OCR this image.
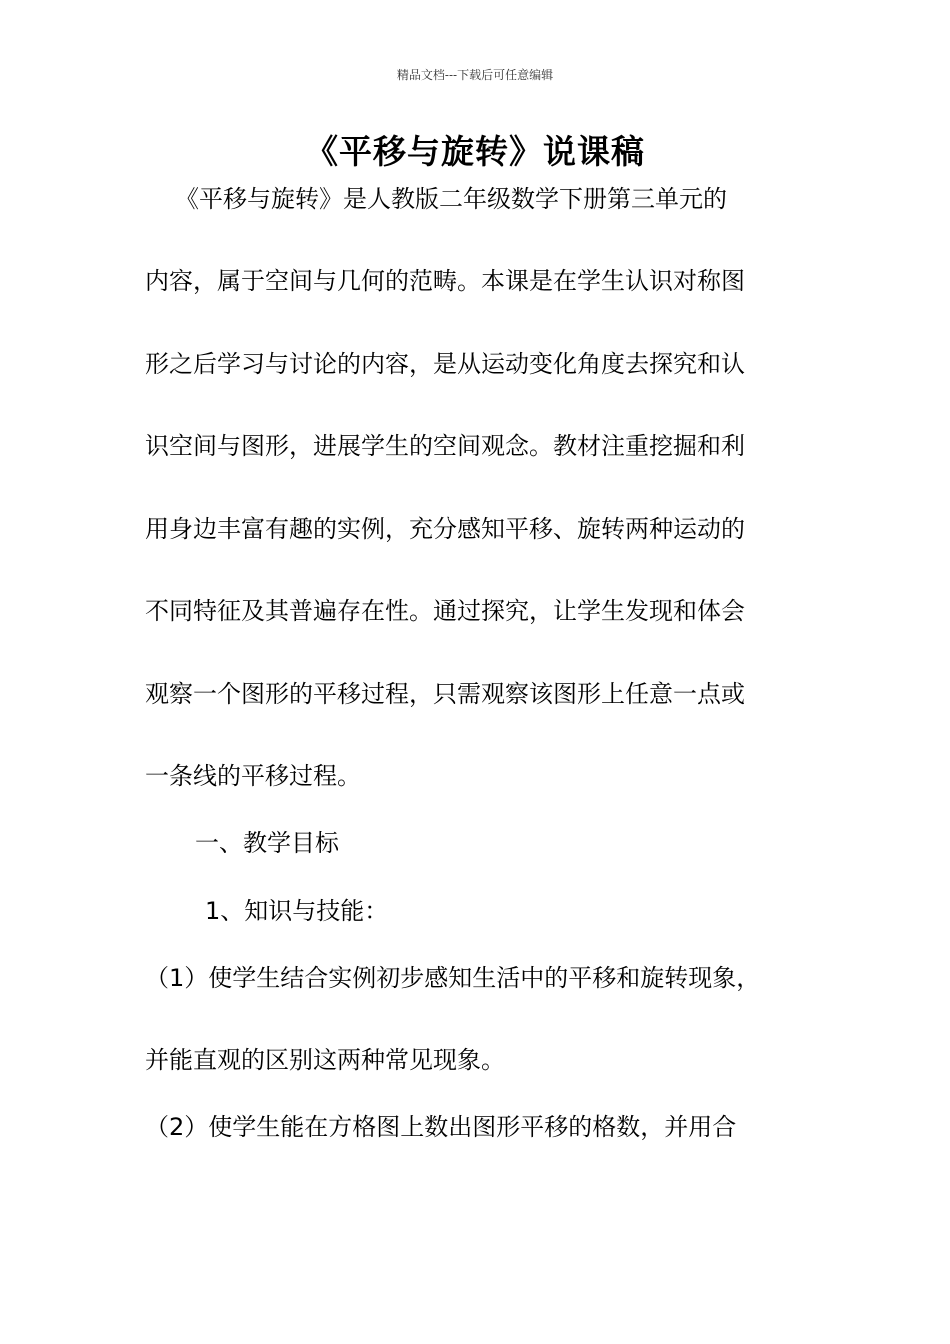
精品文档---下载后可任意编辑
《平移与旋转》说课稿
《平移与旋转》是人教版二年级数学下册第三单元的
内容，属于空间与几何的范畴。本课是在学生认识对称图
形之后学习与讨论的内容，是从运动变化角度去探究和认
识空间与图形，进展学生的空间观念。教材注重挖掘和利
用身边丰富有趣的实例，充分感知平移、旋转两种运动的
不同特征及其普遍存在性。通过探究，让学生发现和体会
观察一个图形的平移过程，只需观察该图形上任意一点或
一条线的平移过程。
一、教学目标
1、知识与技能：
（1）使学生结合实例初步感知生活中的平移和旋转现象，
并能直观的区别这两种常见现象。
（2）使学生能在方格图上数出图形平移的格数，并用合
